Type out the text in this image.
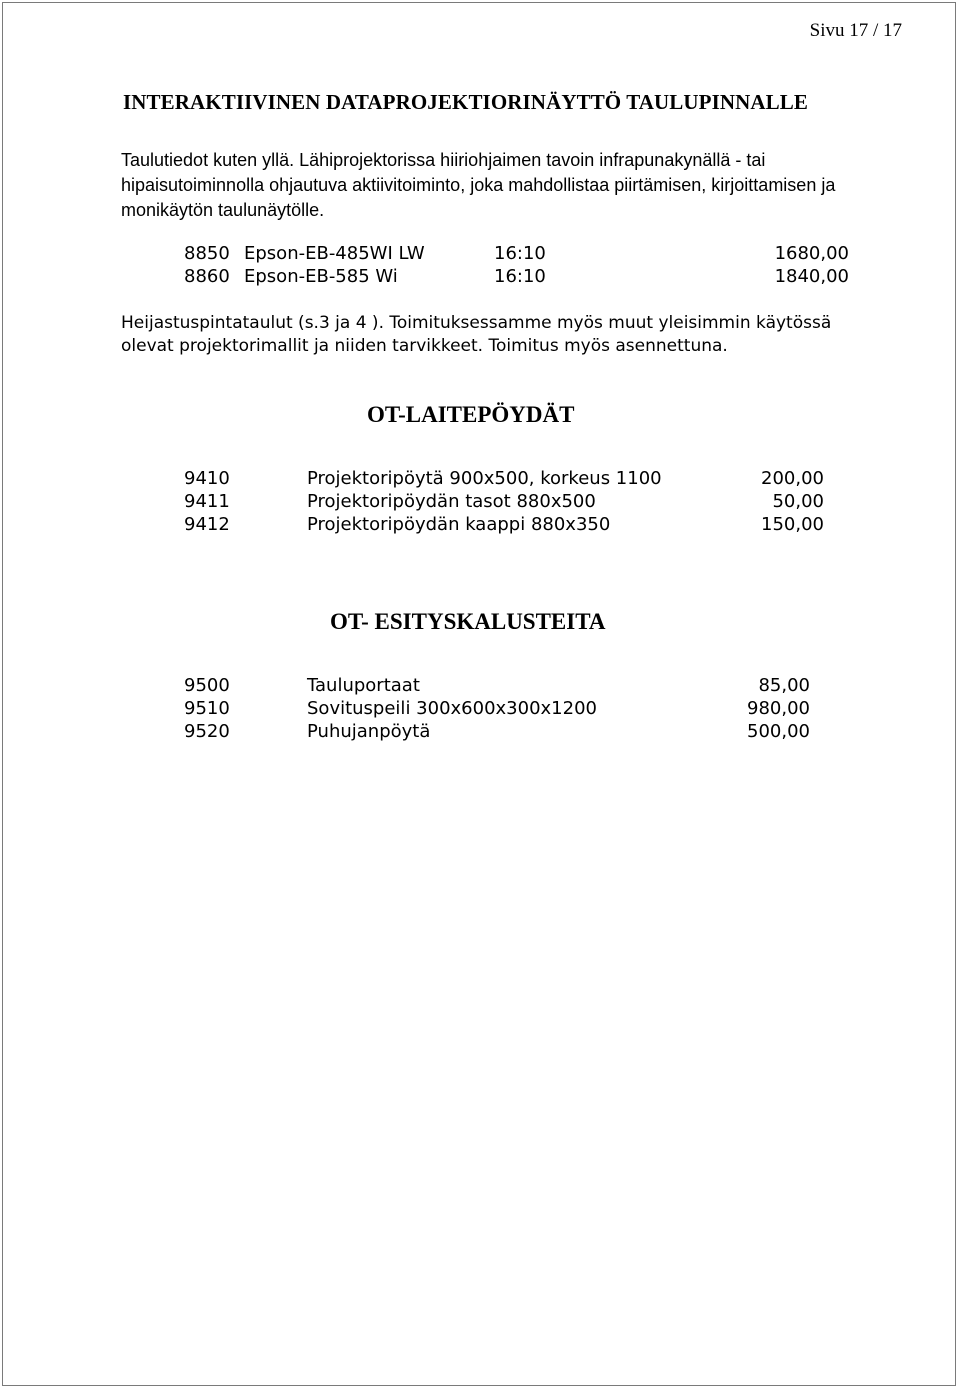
Sivu 17 / 17
INTERAKTIIVINEN DATAPROJEKTIORINÄYTTÖ TAULUPINNALLE
Taulutiedot kuten yllä. Lähiprojektorissa hiiriohjaimen tavoin infrapunakynällä - tai hipaisutoiminnolla ohjautuva aktiivitoiminto, joka mahdollistaa piirtämisen, kirjoittamisen ja monikäytön taulunäytölle.
8850 Epson-EB-485WI LW	16:10	1680,00
8860 Epson-EB-585 Wi	16:10	1840,00
Heijastuspintataulut (s.3 ja 4 ). Toimituksessamme myös muut yleisimmin käytössä olevat projektorimallit ja niiden tarvikkeet. Toimitus myös asennettuna.
OT-LAITEPÖYDÄT
9410	Projektoripöytä 900x500, korkeus 1100	200,00
9411	Projektoripöydän tasot 880x500	50,00
9412	Projektoripöydän kaappi 880x350	150,00
OT- ESITYSKALUSTEITA
9500	Tauluportaat	85,00
9510	Sovituspeili 300x600x300x1200	980,00
9520	Puhujanpöytä	500,00
